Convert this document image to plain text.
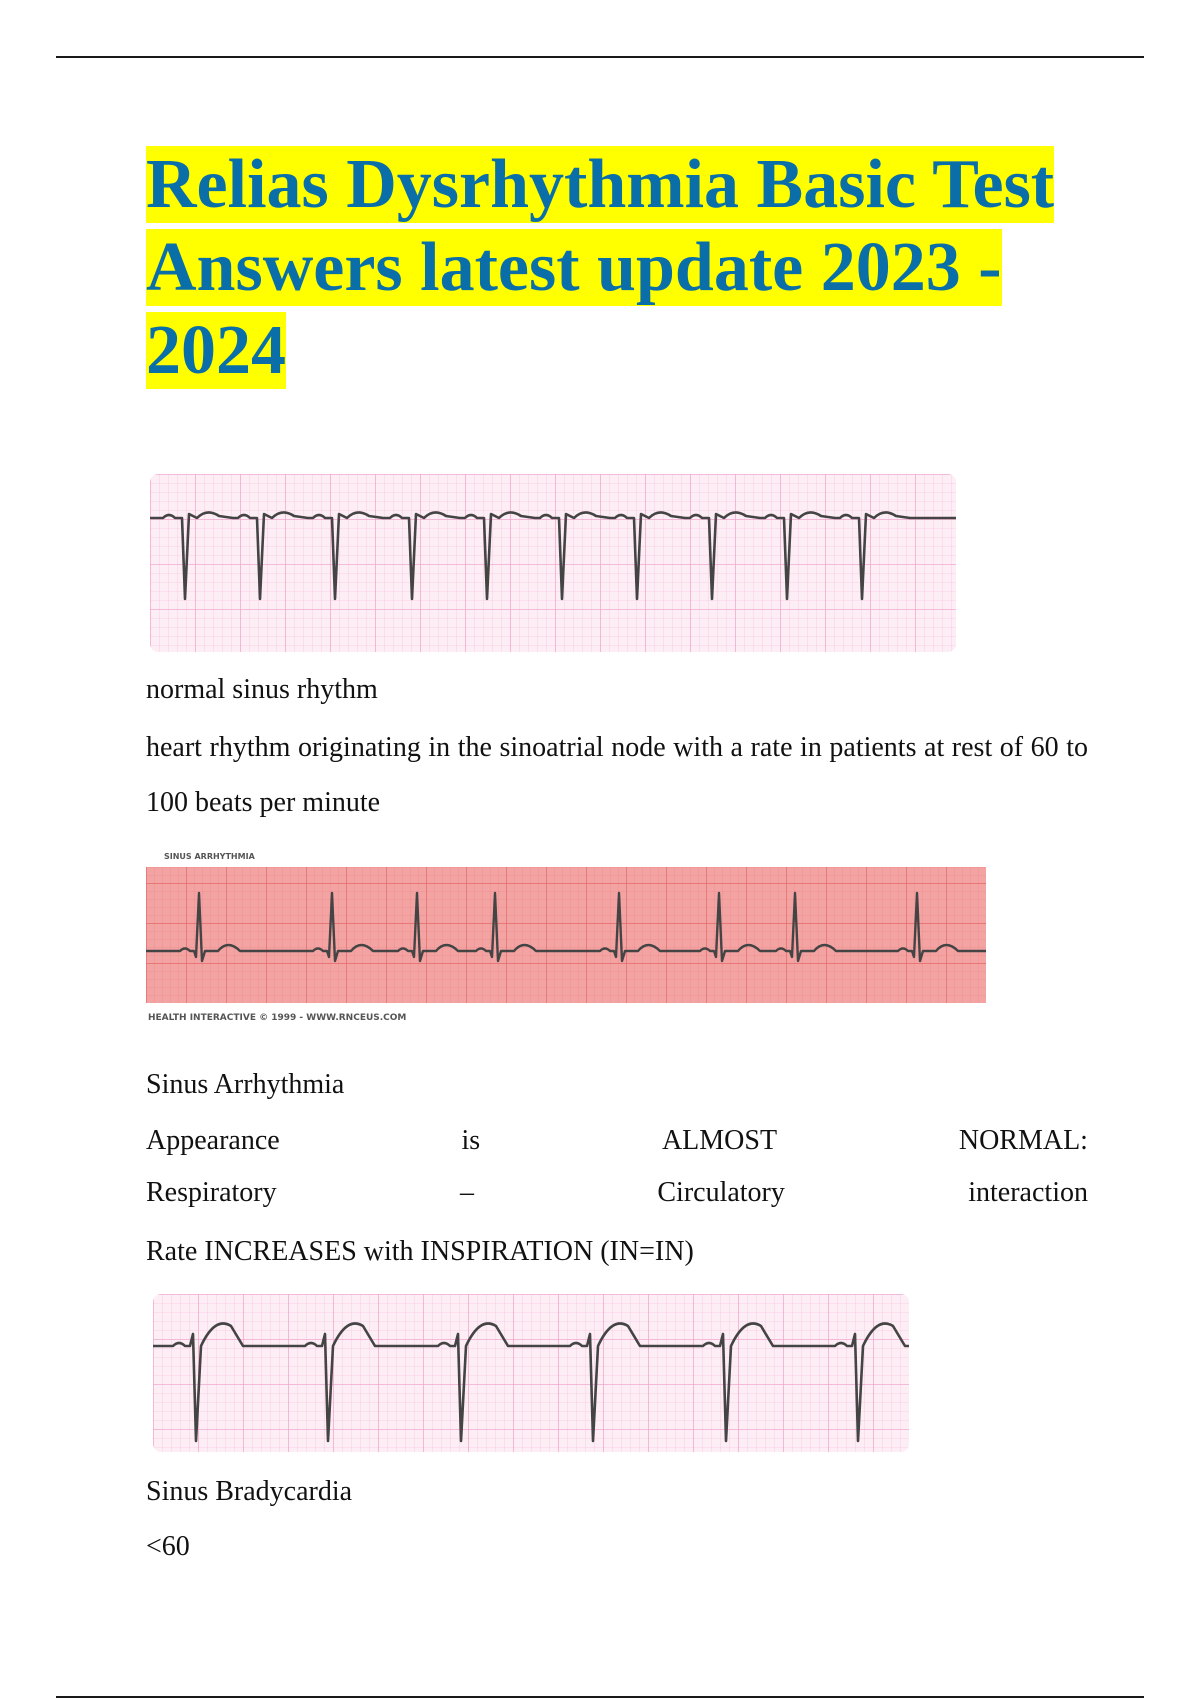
Relias Dysrhythmia Basic Test Answers latest update 2023 - 2024

normal sinus rhythm

heart rhythm originating in the sinoatrial node with a rate in patients at rest of 60 to 100 beats per minute

SINUS ARRHYTHMIA
HEALTH INTERACTIVE © 1999 - WWW.RNCEUS.COM

Sinus Arrhythmia

Appearance	is	ALMOST	NORMAL:
Respiratory	–	Circulatory	interaction

Rate INCREASES with INSPIRATION (IN=IN)

Sinus Bradycardia

<60
